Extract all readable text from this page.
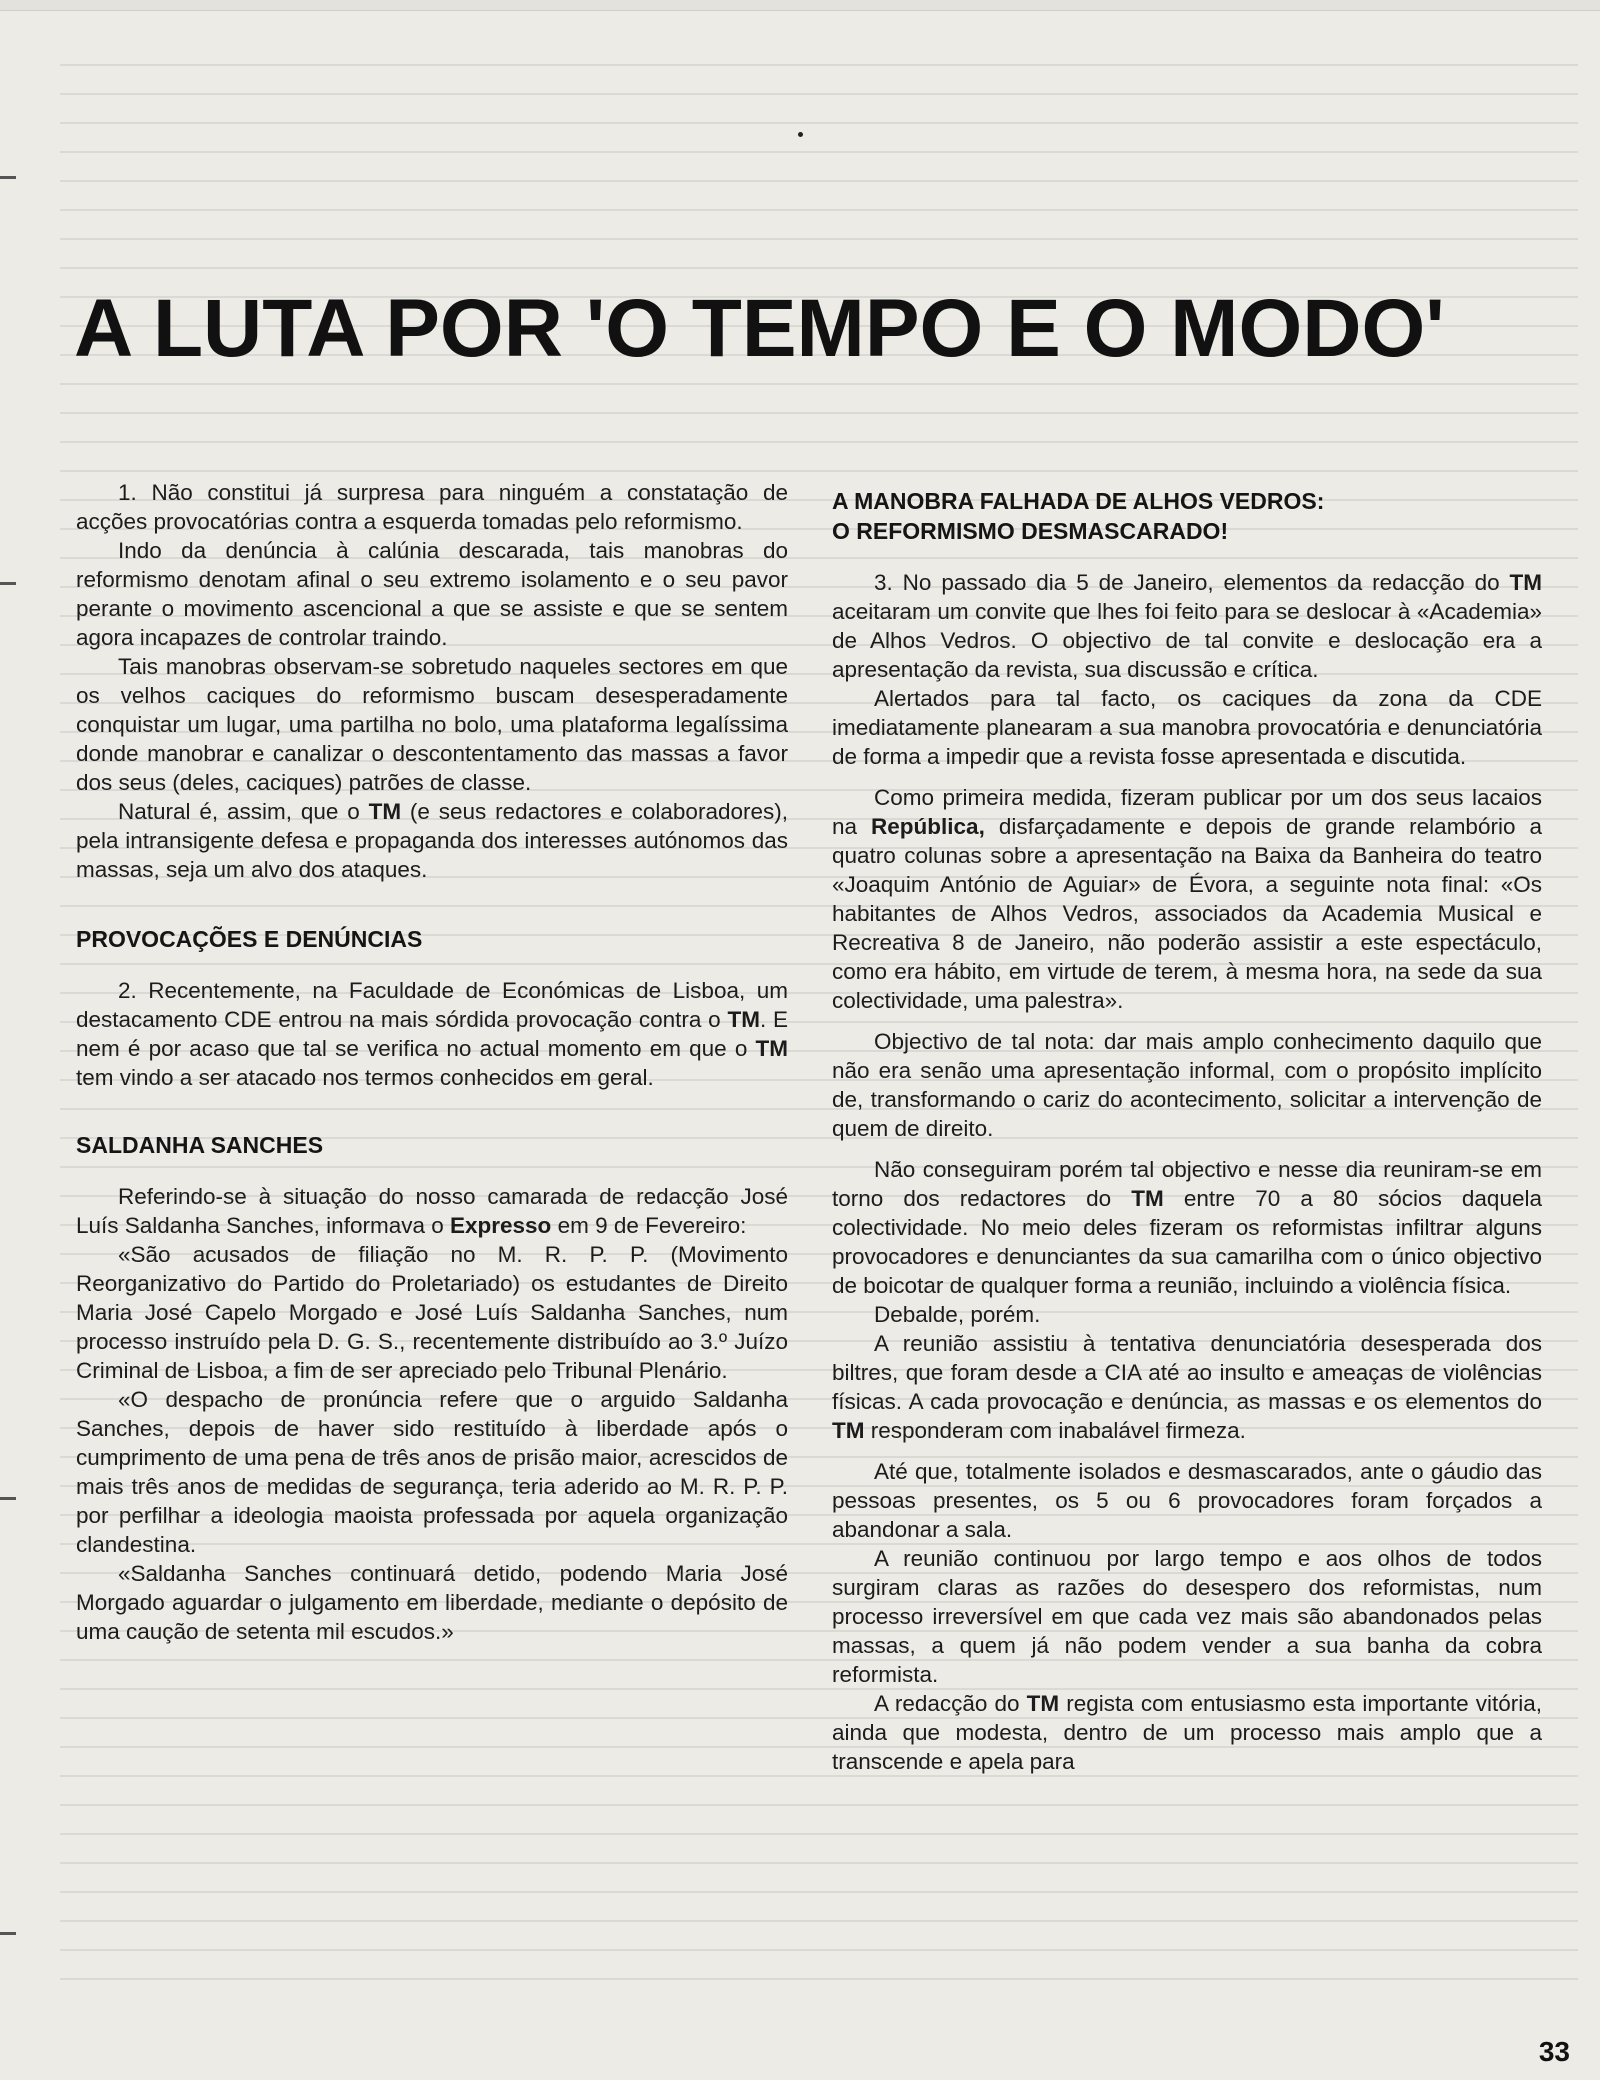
A LUTA POR 'O TEMPO E O MODO'

1. Não constitui já surpresa para ninguém a constatação de acções provocatórias contra a esquerda tomadas pelo reformismo.

Indo da denúncia à calúnia descarada, tais manobras do reformismo denotam afinal o seu extremo isolamento e o seu pavor perante o movimento ascencional a que se assiste e que se sentem agora incapazes de controlar traindo.

Tais manobras observam-se sobretudo naqueles sectores em que os velhos caciques do reformismo buscam desesperadamente conquistar um lugar, uma partilha no bolo, uma plataforma legalíssima donde manobrar e canalizar o descontentamento das massas a favor dos seus (deles, caciques) patrões de classe.

Natural é, assim, que o TM (e seus redactores e colaboradores), pela intransigente defesa e propaganda dos interesses autónomos das massas, seja um alvo dos ataques.

PROVOCAÇÕES E DENÚNCIAS

2. Recentemente, na Faculdade de Económicas de Lisboa, um destacamento CDE entrou na mais sórdida provocação contra o TM. E nem é por acaso que tal se verifica no actual momento em que o TM tem vindo a ser atacado nos termos conhecidos em geral.

SALDANHA SANCHES

Referindo-se à situação do nosso camarada de redacção José Luís Saldanha Sanches, informava o Expresso em 9 de Fevereiro:

«São acusados de filiação no M. R. P. P. (Movimento Reorganizativo do Partido do Proletariado) os estudantes de Direito Maria José Capelo Morgado e José Luís Saldanha Sanches, num processo instruído pela D. G. S., recentemente distribuído ao 3.º Juízo Criminal de Lisboa, a fim de ser apreciado pelo Tribunal Plenário.

«O despacho de pronúncia refere que o arguido Saldanha Sanches, depois de haver sido restituído à liberdade após o cumprimento de uma pena de três anos de prisão maior, acrescidos de mais três anos de medidas de segurança, teria aderido ao M. R. P. P. por perfilhar a ideologia maoista professada por aquela organização clandestina.

«Saldanha Sanches continuará detido, podendo Maria José Morgado aguardar o julgamento em liberdade, mediante o depósito de uma caução de setenta mil escudos.»

A MANOBRA FALHADA DE ALHOS VEDROS:
O REFORMISMO DESMASCARADO!

3. No passado dia 5 de Janeiro, elementos da redacção do TM aceitaram um convite que lhes foi feito para se deslocar à «Academia» de Alhos Vedros. O objectivo de tal convite e deslocação era a apresentação da revista, sua discussão e crítica.

Alertados para tal facto, os caciques da zona da CDE imediatamente planearam a sua manobra provocatória e denunciatória de forma a impedir que a revista fosse apresentada e discutida.

Como primeira medida, fizeram publicar por um dos seus lacaios na República, disfarçadamente e depois de grande relambório a quatro colunas sobre a apresentação na Baixa da Banheira do teatro «Joaquim António de Aguiar» de Évora, a seguinte nota final: «Os habitantes de Alhos Vedros, associados da Academia Musical e Recreativa 8 de Janeiro, não poderão assistir a este espectáculo, como era hábito, em virtude de terem, à mesma hora, na sede da sua colectividade, uma palestra».

Objectivo de tal nota: dar mais amplo conhecimento daquilo que não era senão uma apresentação informal, com o propósito implícito de, transformando o cariz do acontecimento, solicitar a intervenção de quem de direito.

Não conseguiram porém tal objectivo e nesse dia reuniram-se em torno dos redactores do TM entre 70 a 80 sócios daquela colectividade. No meio deles fizeram os reformistas infiltrar alguns provocadores e denunciantes da sua camarilha com o único objectivo de boicotar de qualquer forma a reunião, incluindo a violência física.

Debalde, porém.

A reunião assistiu à tentativa denunciatória desesperada dos biltres, que foram desde a CIA até ao insulto e ameaças de violências físicas. A cada provocação e denúncia, as massas e os elementos do TM responderam com inabalável firmeza.

Até que, totalmente isolados e desmascarados, ante o gáudio das pessoas presentes, os 5 ou 6 provocadores foram forçados a abandonar a sala.

A reunião continuou por largo tempo e aos olhos de todos surgiram claras as razões do desespero dos reformistas, num processo irreversível em que cada vez mais são abandonados pelas massas, a quem já não podem vender a sua banha da cobra reformista.

A redacção do TM regista com entusiasmo esta importante vitória, ainda que modesta, dentro de um processo mais amplo que a transcende e apela para

33
